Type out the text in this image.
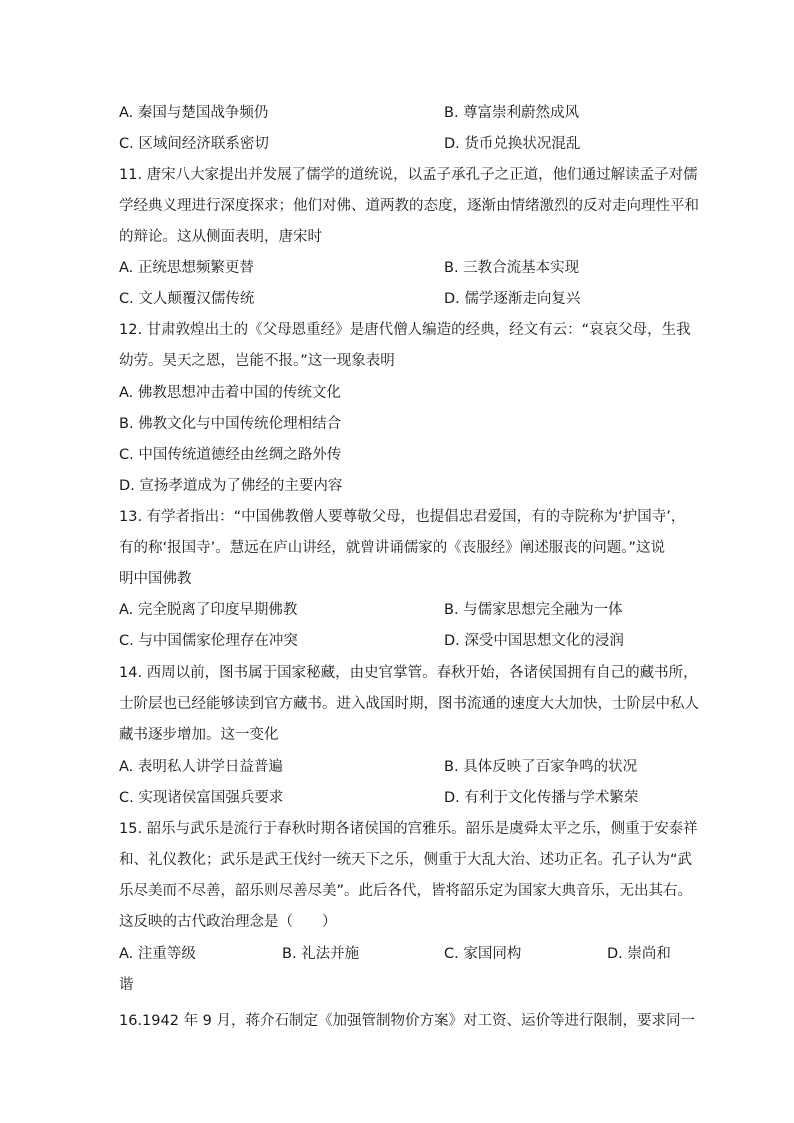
A. 秦国与楚国战争频仍	B. 尊富崇利蔚然成风
C. 区域间经济联系密切	D. 货币兑换状况混乱
11. 唐宋八大家提出并发展了儒学的道统说，以孟子承孔子之正道，他们通过解读孟子对儒
学经典义理进行深度探求；他们对佛、道两教的态度，逐渐由情绪激烈的反对走向理性平和
的辩论。这从侧面表明，唐宋时
A. 正统思想频繁更替	B. 三教合流基本实现
C. 文人颠覆汉儒传统	D. 儒学逐渐走向复兴
12. 甘肃敦煌出土的《父母恩重经》是唐代僧人编造的经典，经文有云：“哀哀父母，生我
幼劳。昊天之恩，岂能不报。”这一现象表明
A. 佛教思想冲击着中国的传统文化
B. 佛教文化与中国传统伦理相结合
C. 中国传统道德经由丝绸之路外传
D. 宣扬孝道成为了佛经的主要内容
13. 有学者指出：“中国佛教僧人要尊敬父母，也提倡忠君爱国，有的寺院称为‘护国寺’，
有的称‘报国寺’。慧远在庐山讲经，就曾讲诵儒家的《丧服经》阐述服丧的问题。”这说
明中国佛教
A. 完全脱离了印度早期佛教	B. 与儒家思想完全融为一体
C. 与中国儒家伦理存在冲突	D. 深受中国思想文化的浸润
14. 西周以前，图书属于国家秘藏，由史官掌管。春秋开始，各诸侯国拥有自己的藏书所，
士阶层也已经能够读到官方藏书。进入战国时期，图书流通的速度大大加快，士阶层中私人
藏书逐步增加。这一变化
A. 表明私人讲学日益普遍	B. 具体反映了百家争鸣的状况
C. 实现诸侯富国强兵要求	D. 有利于文化传播与学术繁荣
15. 韶乐与武乐是流行于春秋时期各诸侯国的宫雅乐。韶乐是虞舜太平之乐，侧重于安泰祥
和、礼仪教化；武乐是武王伐纣一统天下之乐，侧重于大乱大治、述功正名。孔子认为“武
乐尽美而不尽善，韶乐则尽善尽美”。此后各代，皆将韶乐定为国家大典音乐，无出其右。
这反映的古代政治理念是（　　）
A. 注重等级	B. 礼法并施	C. 家国同构	D. 崇尚和
谐
16.1942 年 9 月，蒋介石制定《加强管制物价方案》对工资、运价等进行限制，要求同一
